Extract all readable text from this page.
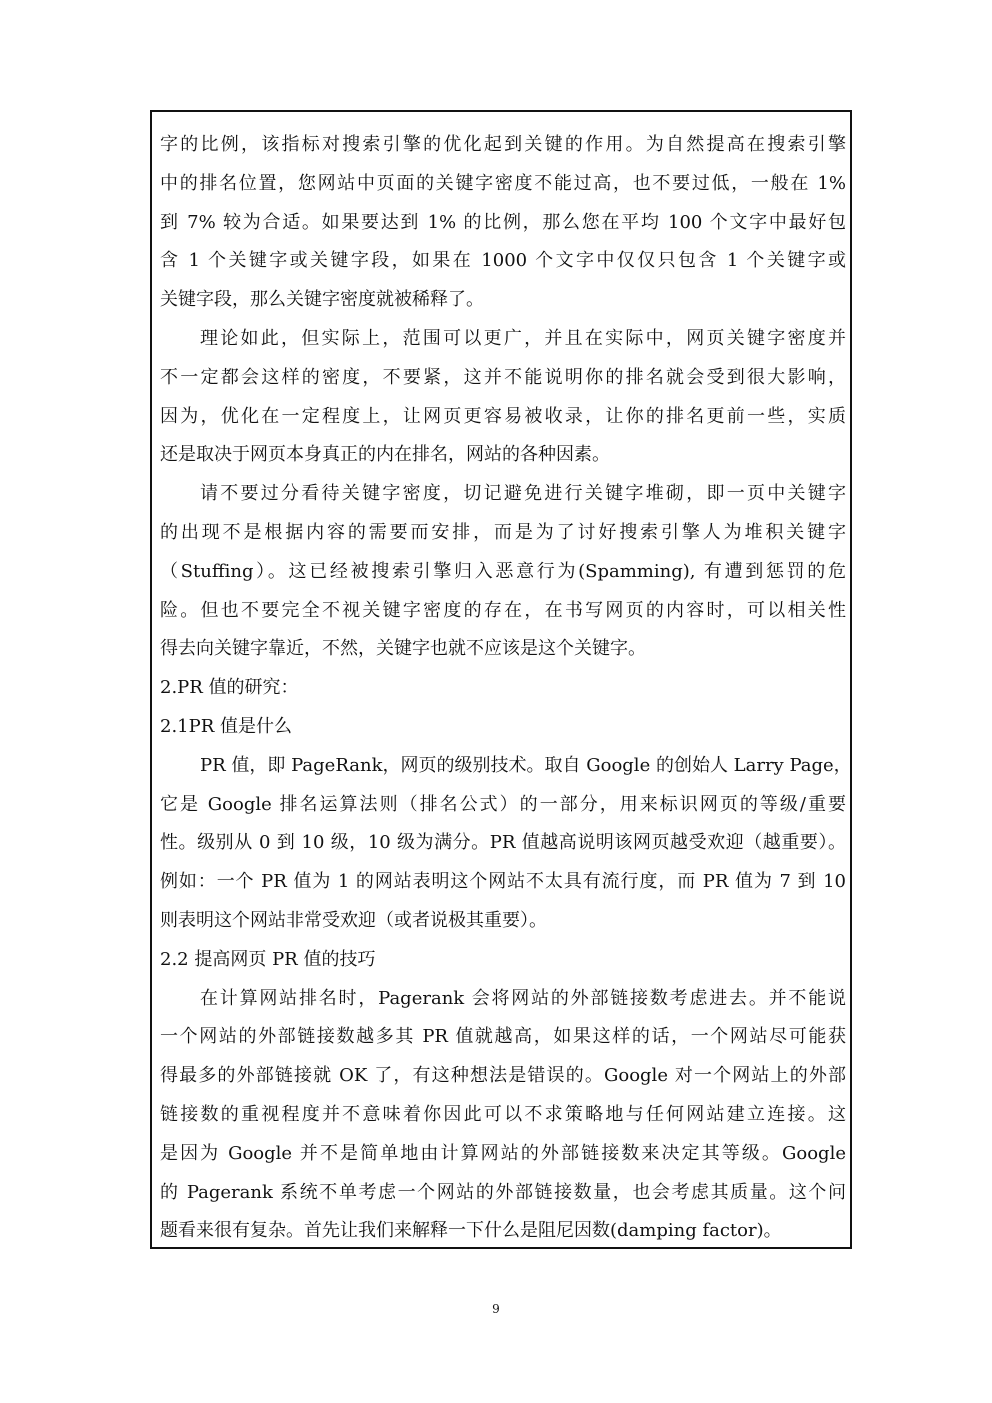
字的比例，该指标对搜索引擎的优化起到关键的作用。为自然提高在搜索引擎
中的排名位置，您网站中页面的关键字密度不能过高，也不要过低，一般在 1%
到 7% 较为合适。如果要达到 1% 的比例，那么您在平均 100 个文字中最好包
含 1 个关键字或关键字段，如果在 1000 个文字中仅仅只包含 1 个关键字或
关键字段，那么关键字密度就被稀释了。
理论如此，但实际上，范围可以更广，并且在实际中，网页关键字密度并
不一定都会这样的密度，不要紧，这并不能说明你的排名就会受到很大影响，
因为，优化在一定程度上，让网页更容易被收录，让你的排名更前一些，实质
还是取决于网页本身真正的内在排名，网站的各种因素。
请不要过分看待关键字密度，切记避免进行关键字堆砌，即一页中关键字
的出现不是根据内容的需要而安排，而是为了讨好搜索引擎人为堆积关键字
（Stuffing）。这已经被搜索引擎归入恶意行为(Spamming), 有遭到惩罚的危
险。但也不要完全不视关键字密度的存在，在书写网页的内容时，可以相关性
得去向关键字靠近，不然，关键字也就不应该是这个关键字。
2.PR 值的研究：
2.1PR 值是什么
PR 值，即 PageRank，网页的级别技术。取自 Google 的创始人 Larry Page，
它是 Google 排名运算法则（排名公式）的一部分，用来标识网页的等级/重要
性。级别从 0 到 10 级，10 级为满分。PR 值越高说明该网页越受欢迎（越重要）。
例如：一个 PR 值为 1 的网站表明这个网站不太具有流行度，而 PR 值为 7 到 10
则表明这个网站非常受欢迎（或者说极其重要）。
2.2 提高网页 PR 值的技巧
在计算网站排名时，Pagerank 会将网站的外部链接数考虑进去。并不能说
一个网站的外部链接数越多其 PR 值就越高，如果这样的话，一个网站尽可能获
得最多的外部链接就 OK 了，有这种想法是错误的。Google 对一个网站上的外部
链接数的重视程度并不意味着你因此可以不求策略地与任何网站建立连接。这
是因为 Google 并不是简单地由计算网站的外部链接数来决定其等级。Google
的 Pagerank 系统不单考虑一个网站的外部链接数量，也会考虑其质量。这个问
题看来很有复杂。首先让我们来解释一下什么是阻尼因数(damping factor)。
9
